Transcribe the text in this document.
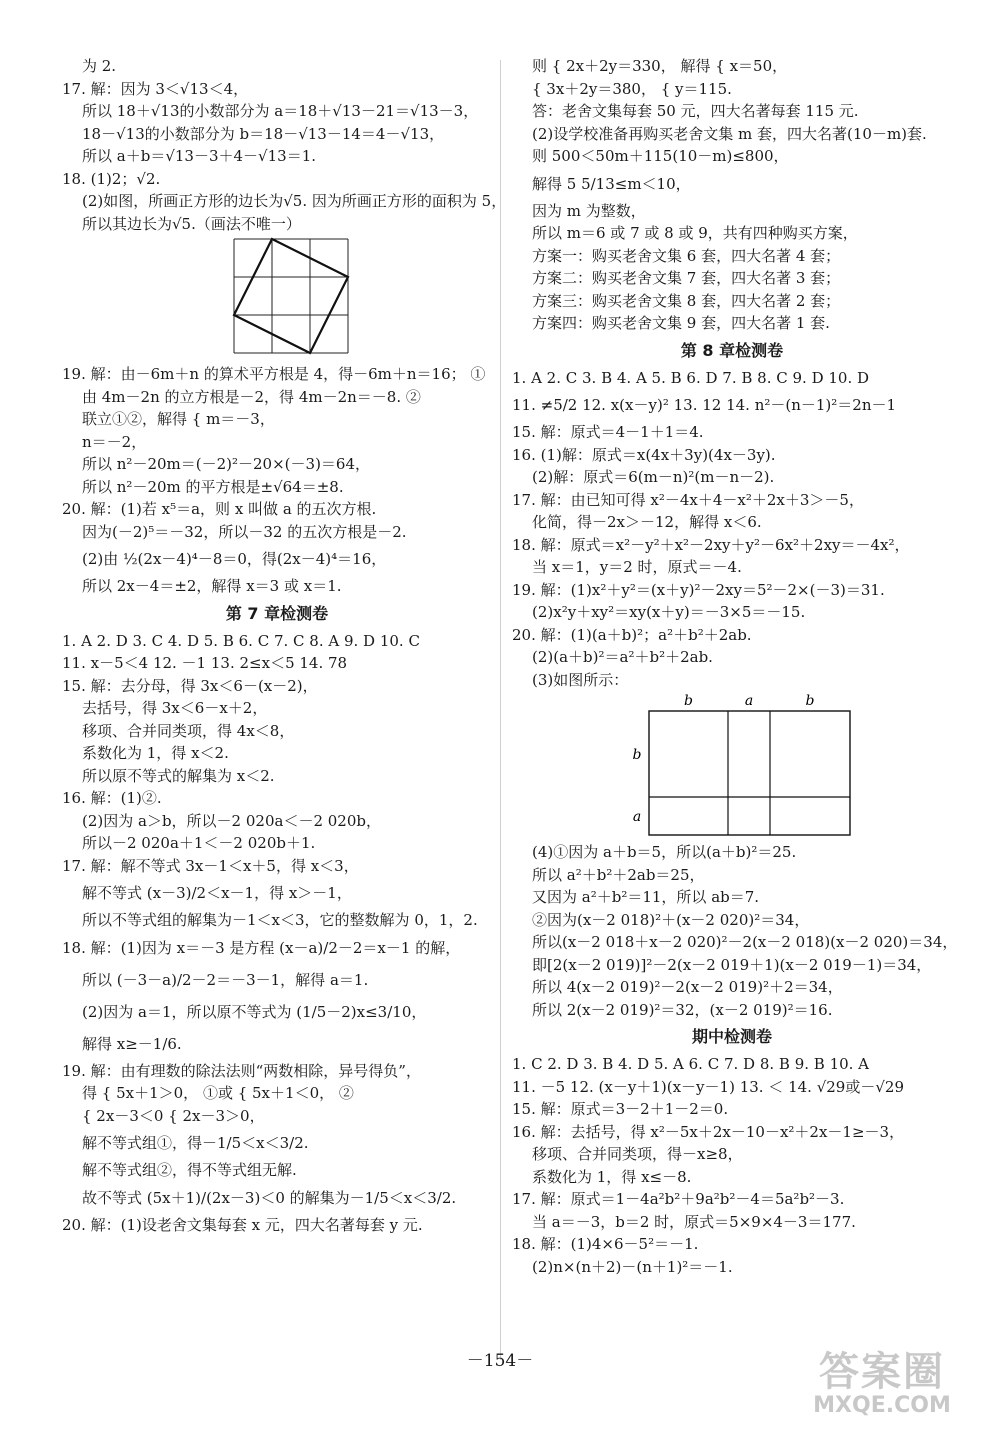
为 2.
17. 解：因为 3＜√13＜4，
所以 18＋√13的小数部分为 a＝18＋√13－21＝√13－3，
18－√13的小数部分为 b＝18－√13－14＝4－√13，
所以 a＋b＝√13－3＋4－√13＝1.
18. (1)2；√2.
(2)如图，所画正方形的边长为√5. 因为所画正方形的面积为 5，
所以其边长为√5.（画法不唯一）
19. 解：由－6m＋n 的算术平方根是 4，得－6m＋n＝16； ①
由 4m－2n 的立方根是－2，得 4m－2n＝－8. ②
联立①②，解得 { m＝－3，
n＝－2，
所以 n²－20m＝(－2)²－20×(－3)＝64，
所以 n²－20m 的平方根是±√64＝±8.
20. 解：(1)若 x⁵＝a，则 x 叫做 a 的五次方根.
因为(－2)⁵＝－32，所以－32 的五次方根是－2.
(2)由 ½(2x－4)⁴－8＝0，得(2x－4)⁴＝16，
所以 2x－4＝±2，解得 x＝3 或 x＝1.
第 7 章检测卷
1. A 2. D 3. C 4. D 5. B 6. C 7. C 8. A 9. D 10. C
11. x－5＜4 12. －1 13. 2≤x＜5 14. 78
15. 解：去分母，得 3x＜6－(x－2)，
去括号，得 3x＜6－x＋2，
移项、合并同类项，得 4x＜8，
系数化为 1，得 x＜2.
所以原不等式的解集为 x＜2.
16. 解：(1)②.
(2)因为 a＞b，所以－2 020a＜－2 020b，
所以－2 020a＋1＜－2 020b＋1.
17. 解：解不等式 3x－1＜x＋5，得 x＜3，
解不等式 (x－3)/2＜x－1，得 x＞－1，
所以不等式组的解集为－1＜x＜3，它的整数解为 0，1，2.
18. 解：(1)因为 x＝－3 是方程 (x－a)/2－2＝x－1 的解，
所以 (－3－a)/2－2＝－3－1，解得 a＝1.
(2)因为 a＝1，所以原不等式为 (1/5－2)x≤3/10，
解得 x≥－1/6.
19. 解：由有理数的除法法则“两数相除，异号得负”，
得 { 5x＋1＞0， ①或 { 5x＋1＜0， ②
{ 2x－3＜0 { 2x－3＞0，
解不等式组①，得－1/5＜x＜3/2.
解不等式组②，得不等式组无解.
故不等式 (5x＋1)/(2x－3)＜0 的解集为－1/5＜x＜3/2.
20. 解：(1)设老舍文集每套 x 元，四大名著每套 y 元.
则 { 2x＋2y＝330， 解得 { x＝50，
{ 3x＋2y＝380， { y＝115.
答：老舍文集每套 50 元，四大名著每套 115 元.
(2)设学校准备再购买老舍文集 m 套，四大名著(10－m)套.
则 500＜50m＋115(10－m)≤800，
解得 5 5/13≤m＜10，
因为 m 为整数，
所以 m＝6 或 7 或 8 或 9，共有四种购买方案，
方案一：购买老舍文集 6 套，四大名著 4 套；
方案二：购买老舍文集 7 套，四大名著 3 套；
方案三：购买老舍文集 8 套，四大名著 2 套；
方案四：购买老舍文集 9 套，四大名著 1 套.
第 8 章检测卷
1. A 2. C 3. B 4. A 5. B 6. D 7. B 8. C 9. D 10. D
11. ≠5/2 12. x(x－y)² 13. 12 14. n²－(n－1)²＝2n－1
15. 解：原式＝4－1＋1＝4.
16. (1)解：原式＝x(4x＋3y)(4x－3y).
(2)解：原式＝6(m－n)²(m－n－2).
17. 解：由已知可得 x²－4x＋4－x²＋2x＋3＞－5，
化简，得－2x＞－12，解得 x＜6.
18. 解：原式＝x²－y²＋x²－2xy＋y²－6x²＋2xy＝－4x²，
当 x＝1，y＝2 时，原式＝－4.
19. 解：(1)x²＋y²＝(x＋y)²－2xy＝5²－2×(－3)＝31.
(2)x²y＋xy²＝xy(x＋y)＝－3×5＝－15.
20. 解：(1)(a＋b)²；a²＋b²＋2ab.
(2)(a＋b)²＝a²＋b²＋2ab.
(3)如图所示：
b	a	b
b
a
(4)①因为 a＋b＝5，所以(a＋b)²＝25.
所以 a²＋b²＋2ab＝25，
又因为 a²＋b²＝11，所以 ab＝7.
②因为(x－2 018)²＋(x－2 020)²＝34，
所以(x－2 018＋x－2 020)²－2(x－2 018)(x－2 020)＝34，
即[2(x－2 019)]²－2(x－2 019＋1)(x－2 019－1)＝34，
所以 4(x－2 019)²－2(x－2 019)²＋2＝34，
所以 2(x－2 019)²＝32，(x－2 019)²＝16.
期中检测卷
1. C 2. D 3. B 4. D 5. A 6. C 7. D 8. B 9. B 10. A
11. －5 12. (x－y＋1)(x－y－1) 13. ＜ 14. √29或－√29
15. 解：原式＝3－2＋1－2＝0.
16. 解：去括号，得 x²－5x＋2x－10－x²＋2x－1≥－3，
移项、合并同类项，得－x≥8，
系数化为 1，得 x≤－8.
17. 解：原式＝1－4a²b²＋9a²b²－4＝5a²b²－3.
当 a＝－3，b＝2 时，原式＝5×9×4－3＝177.
18. 解：(1)4×6－5²＝－1.
(2)n×(n＋2)－(n＋1)²＝－1.
－154－	答案圈
MXQE.COM
